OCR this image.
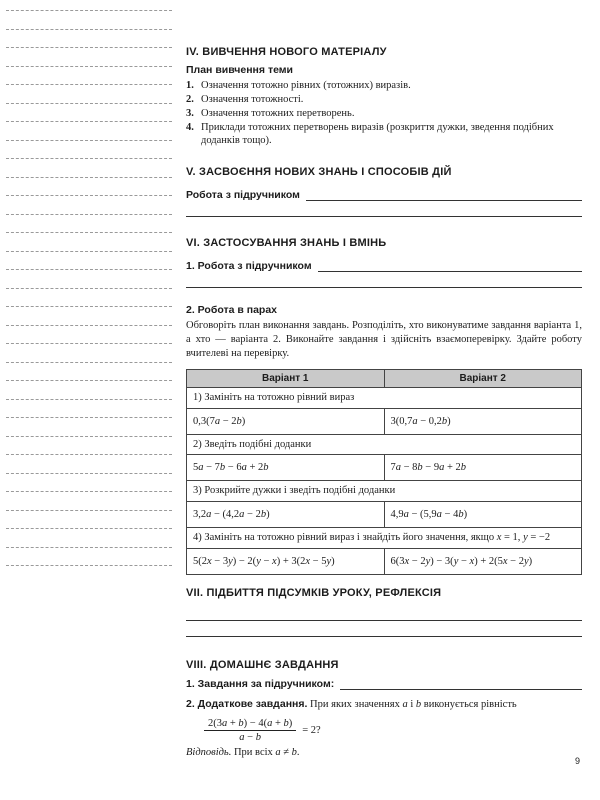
IV. ВИВЧЕННЯ НОВОГО МАТЕРІАЛУ
План вивчення теми
1. Означення тотожно рівних (тотожних) виразів.
2. Означення тотожності.
3. Означення тотожних перетворень.
4. Приклади тотожних перетворень виразів (розкриття дужки, зведення подібних доданків тощо).
V. ЗАСВОЄННЯ НОВИХ ЗНАНЬ І СПОСОБІВ ДІЙ
Робота з підручником
VI. ЗАСТОСУВАННЯ ЗНАНЬ І ВМІНЬ
1. Робота з підручником
2. Робота в парах
Обговоріть план виконання завдань. Розподіліть, хто виконуватиме завдання варіанта 1, а хто — варіанта 2. Виконайте завдання і здійсніть взаємоперевірку. Здайте роботу вчителеві на перевірку.
Варіант 1	Варіант 2
1) Замініть на тотожно рівний вираз	
0,3(7a − 2b)	3(0,7a − 0,2b)
2) Зведіть подібні доданки	
5a − 7b − 6a + 2b	7a − 8b − 9a + 2b
3) Розкрийте дужки і зведіть подібні доданки	
3,2a − (4,2a − 2b)	4,9a − (5,9a − 4b)
4) Замініть на тотожно рівний вираз і знайдіть його значення, якщо x = 1, y = −2	
5(2x − 3y) − 2(y − x) + 3(2x − 5y)	6(3x − 2y) − 3(y − x) + 2(5x − 2y)
VII. ПІДБИТТЯ ПІДСУМКІВ УРОКУ, РЕФЛЕКСІЯ
VIII. ДОМАШНЄ ЗАВДАННЯ
1. Завдання за підручником:
2. Додаткове завдання. При яких значеннях a і b виконується рівність
$\frac{2(3a + b) - 4(a + b)}{a - b} = 2$?
Відповідь. При всіх a ≠ b.
9
